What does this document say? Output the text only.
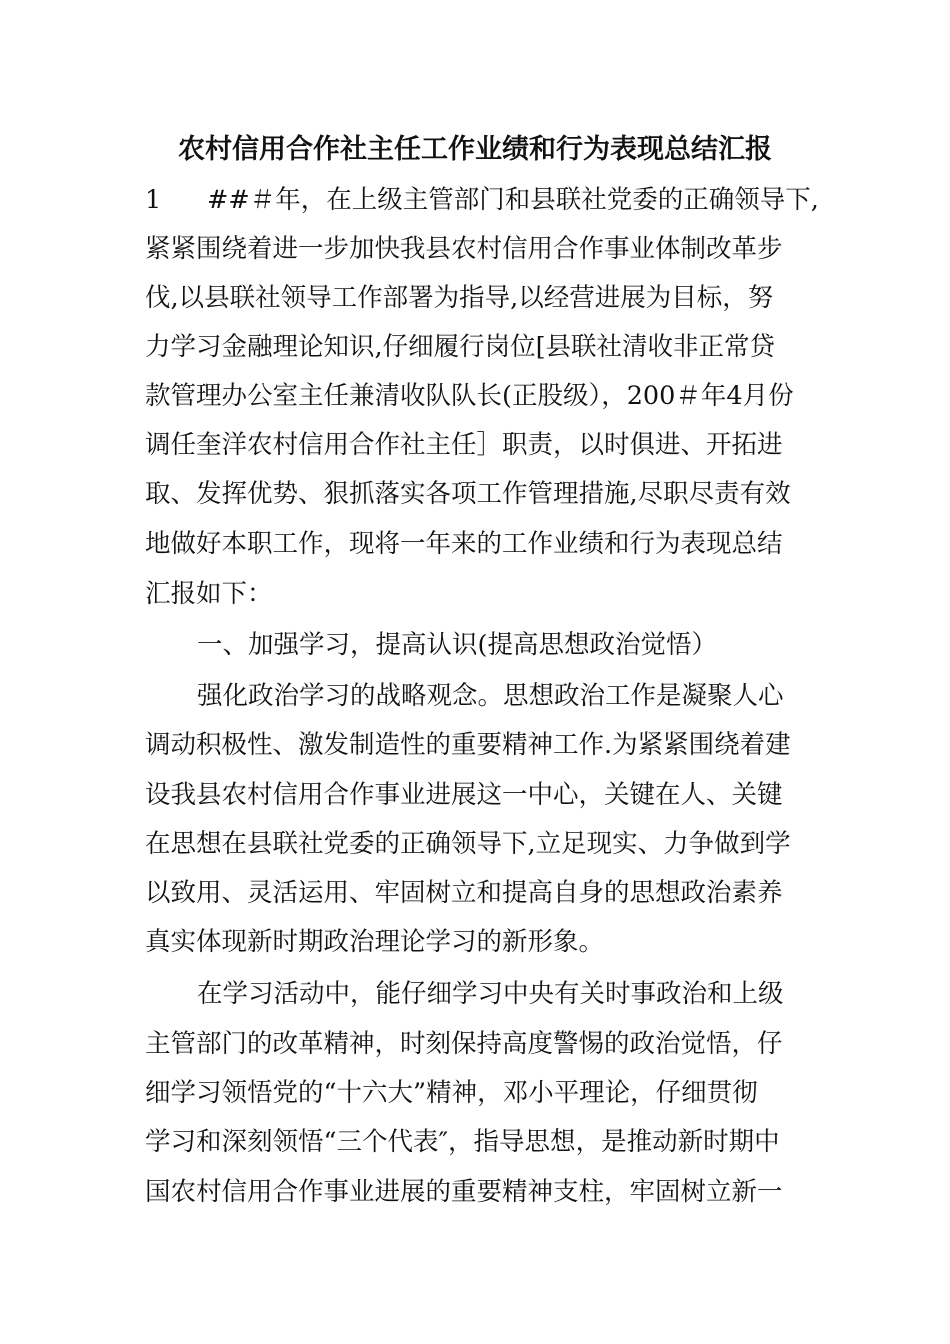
农村信用合作社主任工作业绩和行为表现总结汇报
1 ##＃年，在上级主管部门和县联社党委的正确领导下,
紧紧围绕着进一步加快我县农村信用合作事业体制改革步
伐,以县联社领导工作部署为指导,以经营进展为目标，努
力学习金融理论知识,仔细履行岗位[县联社清收非正常贷
款管理办公室主任兼清收队队长(正股级），200＃年4月份
调任奎洋农村信用合作社主任］职责，以时俱进、开拓进
取、发挥优势、狠抓落实各项工作管理措施,尽职尽责有效
地做好本职工作，现将一年来的工作业绩和行为表现总结
汇报如下：
一、加强学习，提高认识(提高思想政治觉悟）
强化政治学习的战略观念。思想政治工作是凝聚人心
调动积极性、激发制造性的重要精神工作.为紧紧围绕着建
设我县农村信用合作事业进展这一中心，关键在人、关键
在思想在县联社党委的正确领导下,立足现实、力争做到学
以致用、灵活运用、牢固树立和提高自身的思想政治素养
真实体现新时期政治理论学习的新形象。
在学习活动中，能仔细学习中央有关时事政治和上级
主管部门的改革精神，时刻保持高度警惕的政治觉悟，仔
细学习领悟党的“十六大”精神，邓小平理论，仔细贯彻
学习和深刻领悟“三个代表″，指导思想，是推动新时期中
国农村信用合作事业进展的重要精神支柱，牢固树立新一
